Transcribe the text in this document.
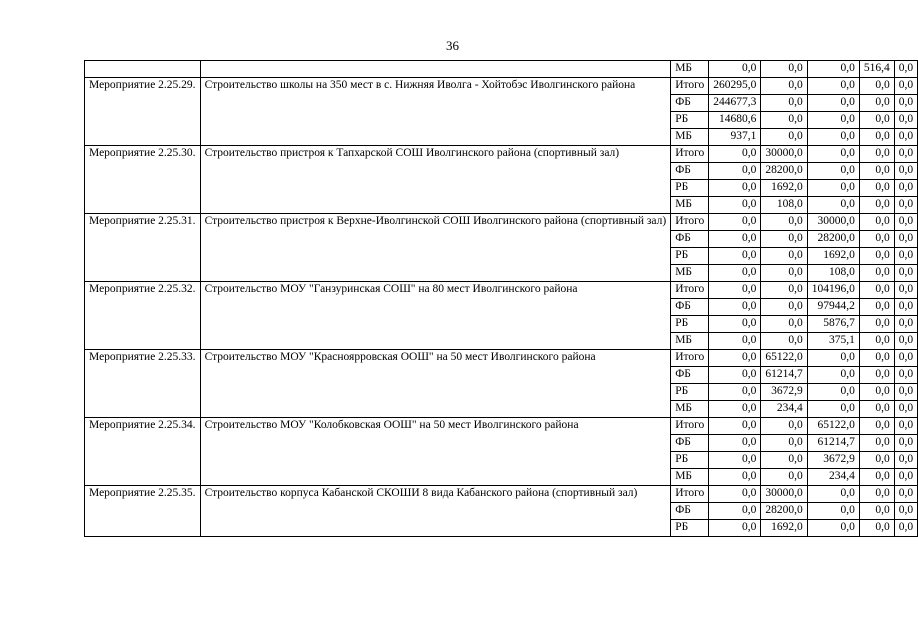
36
		МБ	0,0	0,0	0,0	516,4	0,0
Мероприятие 2.25.29.	Строительство школы на 350 мест в с. Нижняя Иволга - Хойтобэс Иволгинского района	Итого	260295,0	0,0	0,0	0,0	0,0
		ФБ	244677,3	0,0	0,0	0,0	0,0
		РБ	14680,6	0,0	0,0	0,0	0,0
		МБ	937,1	0,0	0,0	0,0	0,0
Мероприятие 2.25.30.	Строительство пристроя к Тапхарской СОШ Иволгинского района (спортивный зал)	Итого	0,0	30000,0	0,0	0,0	0,0
		ФБ	0,0	28200,0	0,0	0,0	0,0
		РБ	0,0	1692,0	0,0	0,0	0,0
		МБ	0,0	108,0	0,0	0,0	0,0
Мероприятие 2.25.31.	Строительство пристроя к Верхне-Иволгинской СОШ Иволгинского района (спортивный зал)	Итого	0,0	0,0	30000,0	0,0	0,0
		ФБ	0,0	0,0	28200,0	0,0	0,0
		РБ	0,0	0,0	1692,0	0,0	0,0
		МБ	0,0	0,0	108,0	0,0	0,0
Мероприятие 2.25.32.	Строительство МОУ "Ганзуринская СОШ" на 80 мест Иволгинского района	Итого	0,0	0,0	104196,0	0,0	0,0
		ФБ	0,0	0,0	97944,2	0,0	0,0
		РБ	0,0	0,0	5876,7	0,0	0,0
		МБ	0,0	0,0	375,1	0,0	0,0
Мероприятие 2.25.33.	Строительство МОУ "Красноярровская ООШ" на 50 мест Иволгинского района	Итого	0,0	65122,0	0,0	0,0	0,0
		ФБ	0,0	61214,7	0,0	0,0	0,0
		РБ	0,0	3672,9	0,0	0,0	0,0
		МБ	0,0	234,4	0,0	0,0	0,0
Мероприятие 2.25.34.	Строительство МОУ "Колобковская ООШ" на 50 мест Иволгинского района	Итого	0,0	0,0	65122,0	0,0	0,0
		ФБ	0,0	0,0	61214,7	0,0	0,0
		РБ	0,0	0,0	3672,9	0,0	0,0
		МБ	0,0	0,0	234,4	0,0	0,0
Мероприятие 2.25.35.	Строительство корпуса Кабанской СКОШИ 8 вида Кабанского района (спортивный зал)	Итого	0,0	30000,0	0,0	0,0	0,0
		ФБ	0,0	28200,0	0,0	0,0	0,0
		РБ	0,0	1692,0	0,0	0,0	0,0
